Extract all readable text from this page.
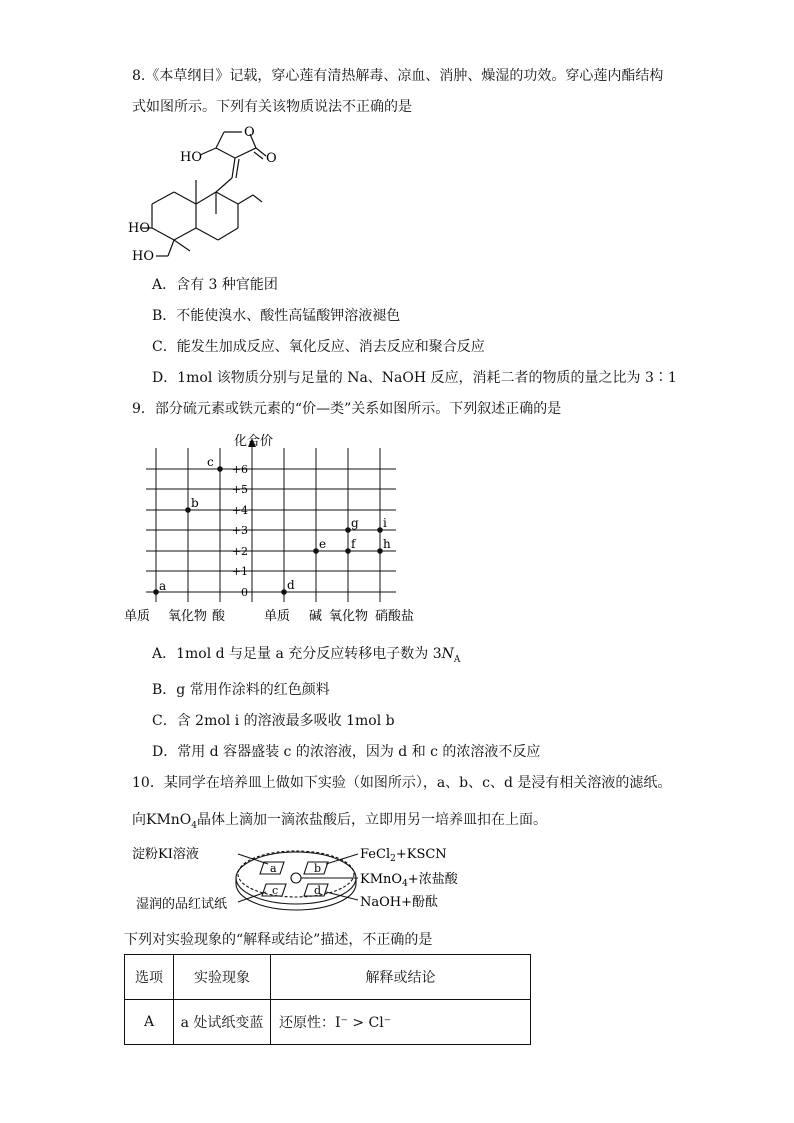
8.《本草纲目》记载，穿心莲有清热解毒、凉血、消肿、燥湿的功效。穿心莲内酯结构
式如图所示。下列有关该物质说法不正确的是
O
O
HO
HO
HO
A．含有 3 种官能团
B．不能使溴水、酸性高锰酸钾溶液褪色
C．能发生加成反应、氧化反应、消去反应和聚合反应
D．1mol 该物质分别与足量的 Na、NaOH 反应，消耗二者的物质的量之比为 3∶1
9．部分硫元素或铁元素的“价—类”关系如图所示。下列叙述正确的是
化合价
+6
+5
+4
+3
+2
+1
0
a
b
c
d
e f
g
h
i
单质 氧化物 酸	单质 碱 氧化物 硝酸盐
A．1mol d 与足量 a 充分反应转移电子数为 $3N_A$
B．g 常用作涂料的红色颜料
C．含 2mol i 的溶液最多吸收 1mol b
D．常用 d 容器盛装 c 的浓溶液，因为 d 和 c 的浓溶液不反应
10．某同学在培养皿上做如下实验（如图所示），a、b、c、d 是浸有相关溶液的滤纸。
向KMnO$_4$晶体上滴加一滴浓盐酸后，立即用另一培养皿扣在上面。
a	b
c	d
淀粉KI溶液
湿润的品红试纸
FeCl$_2$+KSCN
KMnO$_4$+浓盐酸
NaOH+酚酞
下列对实验现象的“解释或结论”描述，不正确的是
选项	实验现象	解释或结论
A	a 处试纸变蓝	还原性：I⁻ > Cl⁻
